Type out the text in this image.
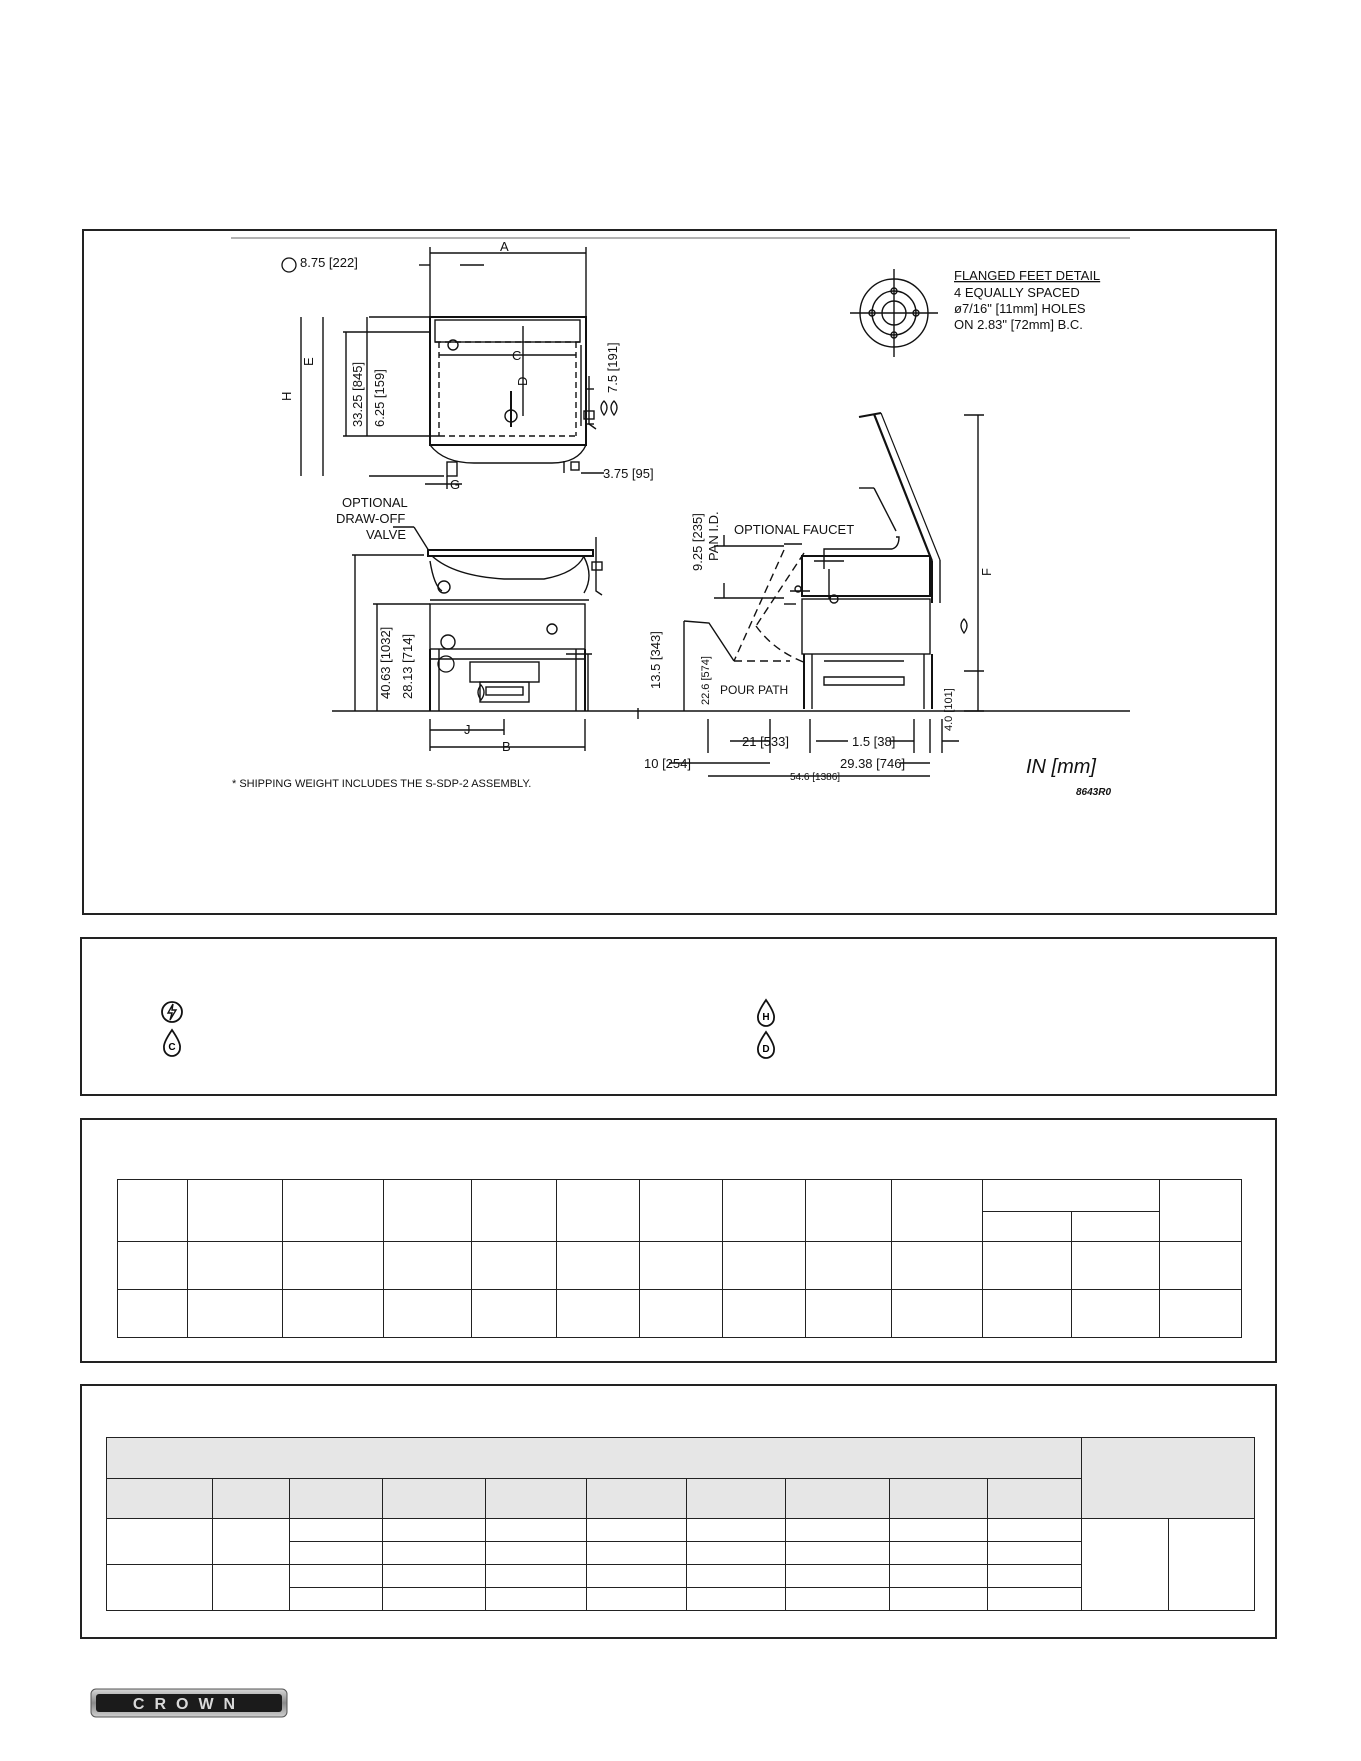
A
C
8.75 [222]
G
3.75 [95]
E
H	33.25 [845] 6.25 [159]	D	7.5 [191]
FLANGED FEET DETAIL
4 EQUALLY SPACED
ø7/16" [11mm] HOLES
ON 2.83" [72mm] B.C.
OPTIONAL
DRAW-OFF
VALVE
40.63 [1032] 28.13 [714]	13.5 [343]
J
B
9.25 [235] PAN I.D. OPTIONAL FAUCET
F
22.6 [574] POUR PATH	4.0 [101]
21 [533]	1.5 [38]
10 [254]	29.38 [746]
54.6 [1386]
* SHIPPING WEIGHT INCLUDES THE S-SDP-2 ASSEMBLY.
IN [mm]
8643R0
C
H
D

CROWN
